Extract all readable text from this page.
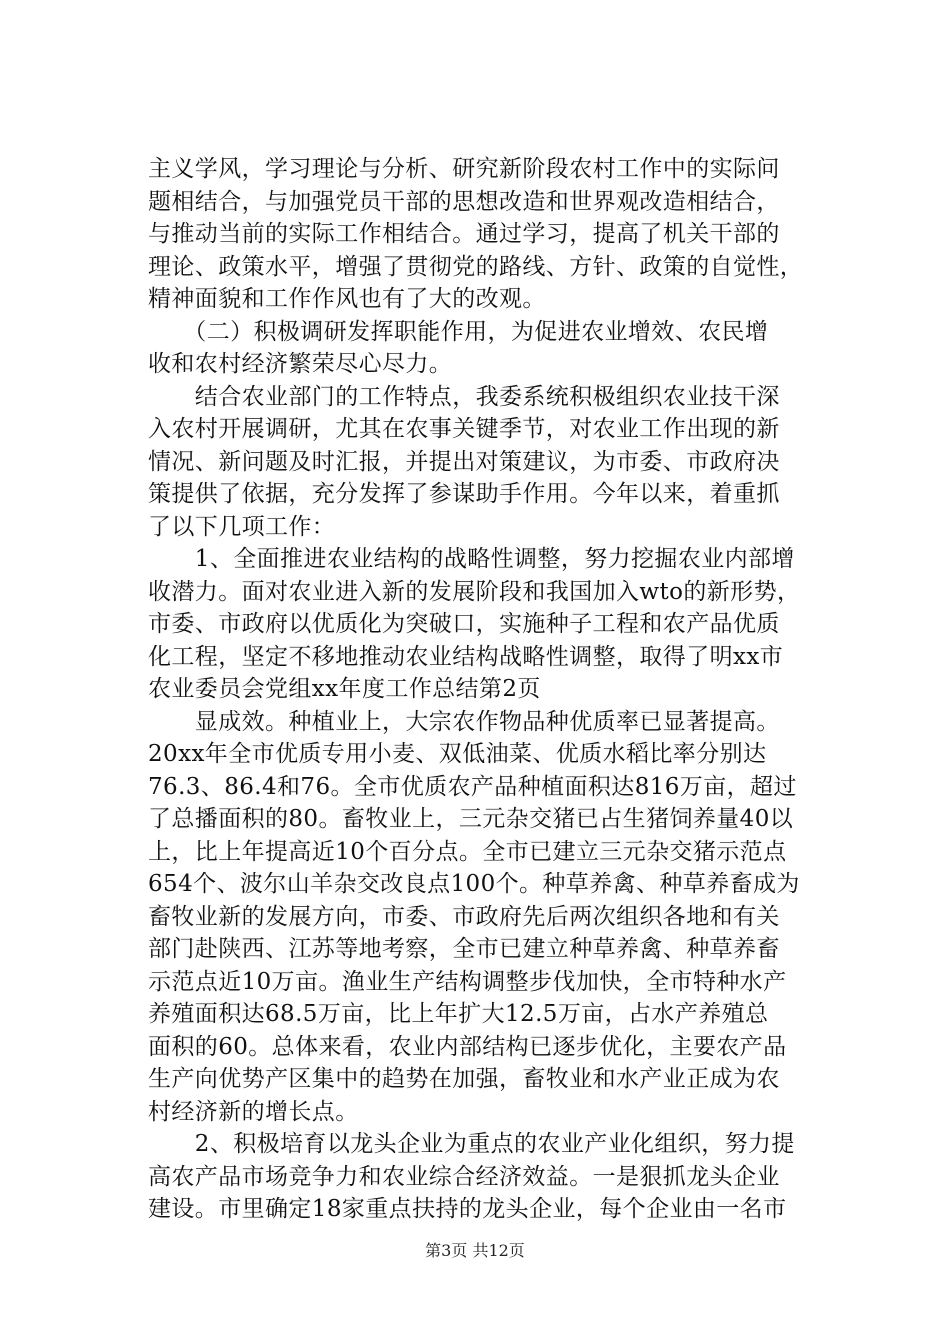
主义学风，学习理论与分析、研究新阶段农村工作中的实际问
题相结合，与加强党员干部的思想改造和世界观改造相结合，
与推动当前的实际工作相结合。通过学习，提高了机关干部的
理论、政策水平，增强了贯彻党的路线、方针、政策的自觉性，
精神面貌和工作作风也有了大的改观。
　　（二）积极调研发挥职能作用，为促进农业增效、农民增
收和农村经济繁荣尽心尽力。
　　结合农业部门的工作特点，我委系统积极组织农业技干深
入农村开展调研，尤其在农事关键季节，对农业工作出现的新
情况、新问题及时汇报，并提出对策建议，为市委、市政府决
策提供了依据，充分发挥了参谋助手作用。今年以来，着重抓
了以下几项工作：
　　1、全面推进农业结构的战略性调整，努力挖掘农业内部增
收潜力。面对农业进入新的发展阶段和我国加入wto的新形势，
市委、市政府以优质化为突破口，实施种子工程和农产品优质
化工程，坚定不移地推动农业结构战略性调整，取得了明xx市
农业委员会党组xx年度工作总结第2页
　　显成效。种植业上，大宗农作物品种优质率已显著提高。
20xx年全市优质专用小麦、双低油菜、优质水稻比率分别达
76.3、86.4和76。全市优质农产品种植面积达816万亩，超过
了总播面积的80。畜牧业上，三元杂交猪已占生猪饲养量40以
上，比上年提高近10个百分点。全市已建立三元杂交猪示范点
654个、波尔山羊杂交改良点100个。种草养禽、种草养畜成为
畜牧业新的发展方向，市委、市政府先后两次组织各地和有关
部门赴陕西、江苏等地考察，全市已建立种草养禽、种草养畜
示范点近10万亩。渔业生产结构调整步伐加快，全市特种水产
养殖面积达68.5万亩，比上年扩大12.5万亩，占水产养殖总
面积的60。总体来看，农业内部结构已逐步优化，主要农产品
生产向优势产区集中的趋势在加强，畜牧业和水产业正成为农
村经济新的增长点。
　　2、积极培育以龙头企业为重点的农业产业化组织，努力提
高农产品市场竞争力和农业综合经济效益。一是狠抓龙头企业
建设。市里确定18家重点扶持的龙头企业，每个企业由一名市
第3页 共12页
